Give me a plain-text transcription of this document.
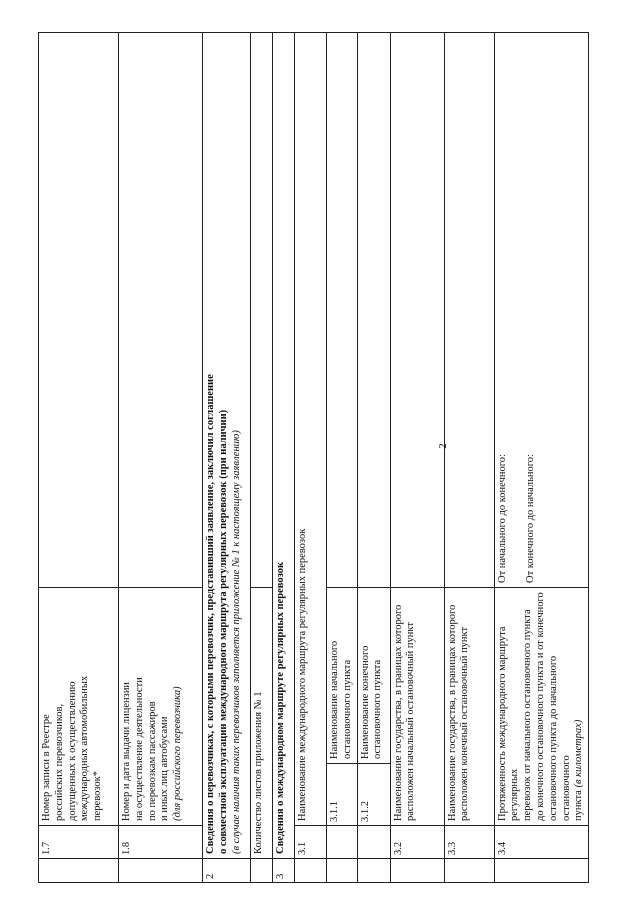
2
	1.7	Номер записи в Реестре российских перевозчиков, допущенных к осуществлению международных автомобильных перевозок*		

	1.8	Номер и дата выдачи лицензии на осуществление деятельности по перевозкам пассажиров и иных лиц автобусами (для российского перевозчика)		

2	Сведения о перевозчиках, с которыми перевозчик, представивший заявление, заключил соглашение о совместной эксплуатации международного маршрута регулярных перевозок (при наличии) (в случае наличия таких перевозчиков заполняется приложение № 1 к настоящему заявлению)			

	Количество листов приложения № 1			
3	Сведения о международном маршруте регулярных перевозок			
	3.1	Наименование международного маршрута регулярных перевозок		
		3.1.1	Наименование начального остановочного пункта	
		3.1.2	Наименование конечного остановочного пункта	
	3.2	Наименование государства, в границах которого расположен начальный остановочный пункт		

	3.3	Наименование государства, в границах которого расположен конечный остановочный пункт		

	3.4	Протяженность международного маршрута регулярных перевозок от начального остановочного пункта до конечного остановочного пункта и от конечного остановочного пункта до начального остановочного пункта (в километрах)		От начального до конечного: От конечного до начального:
